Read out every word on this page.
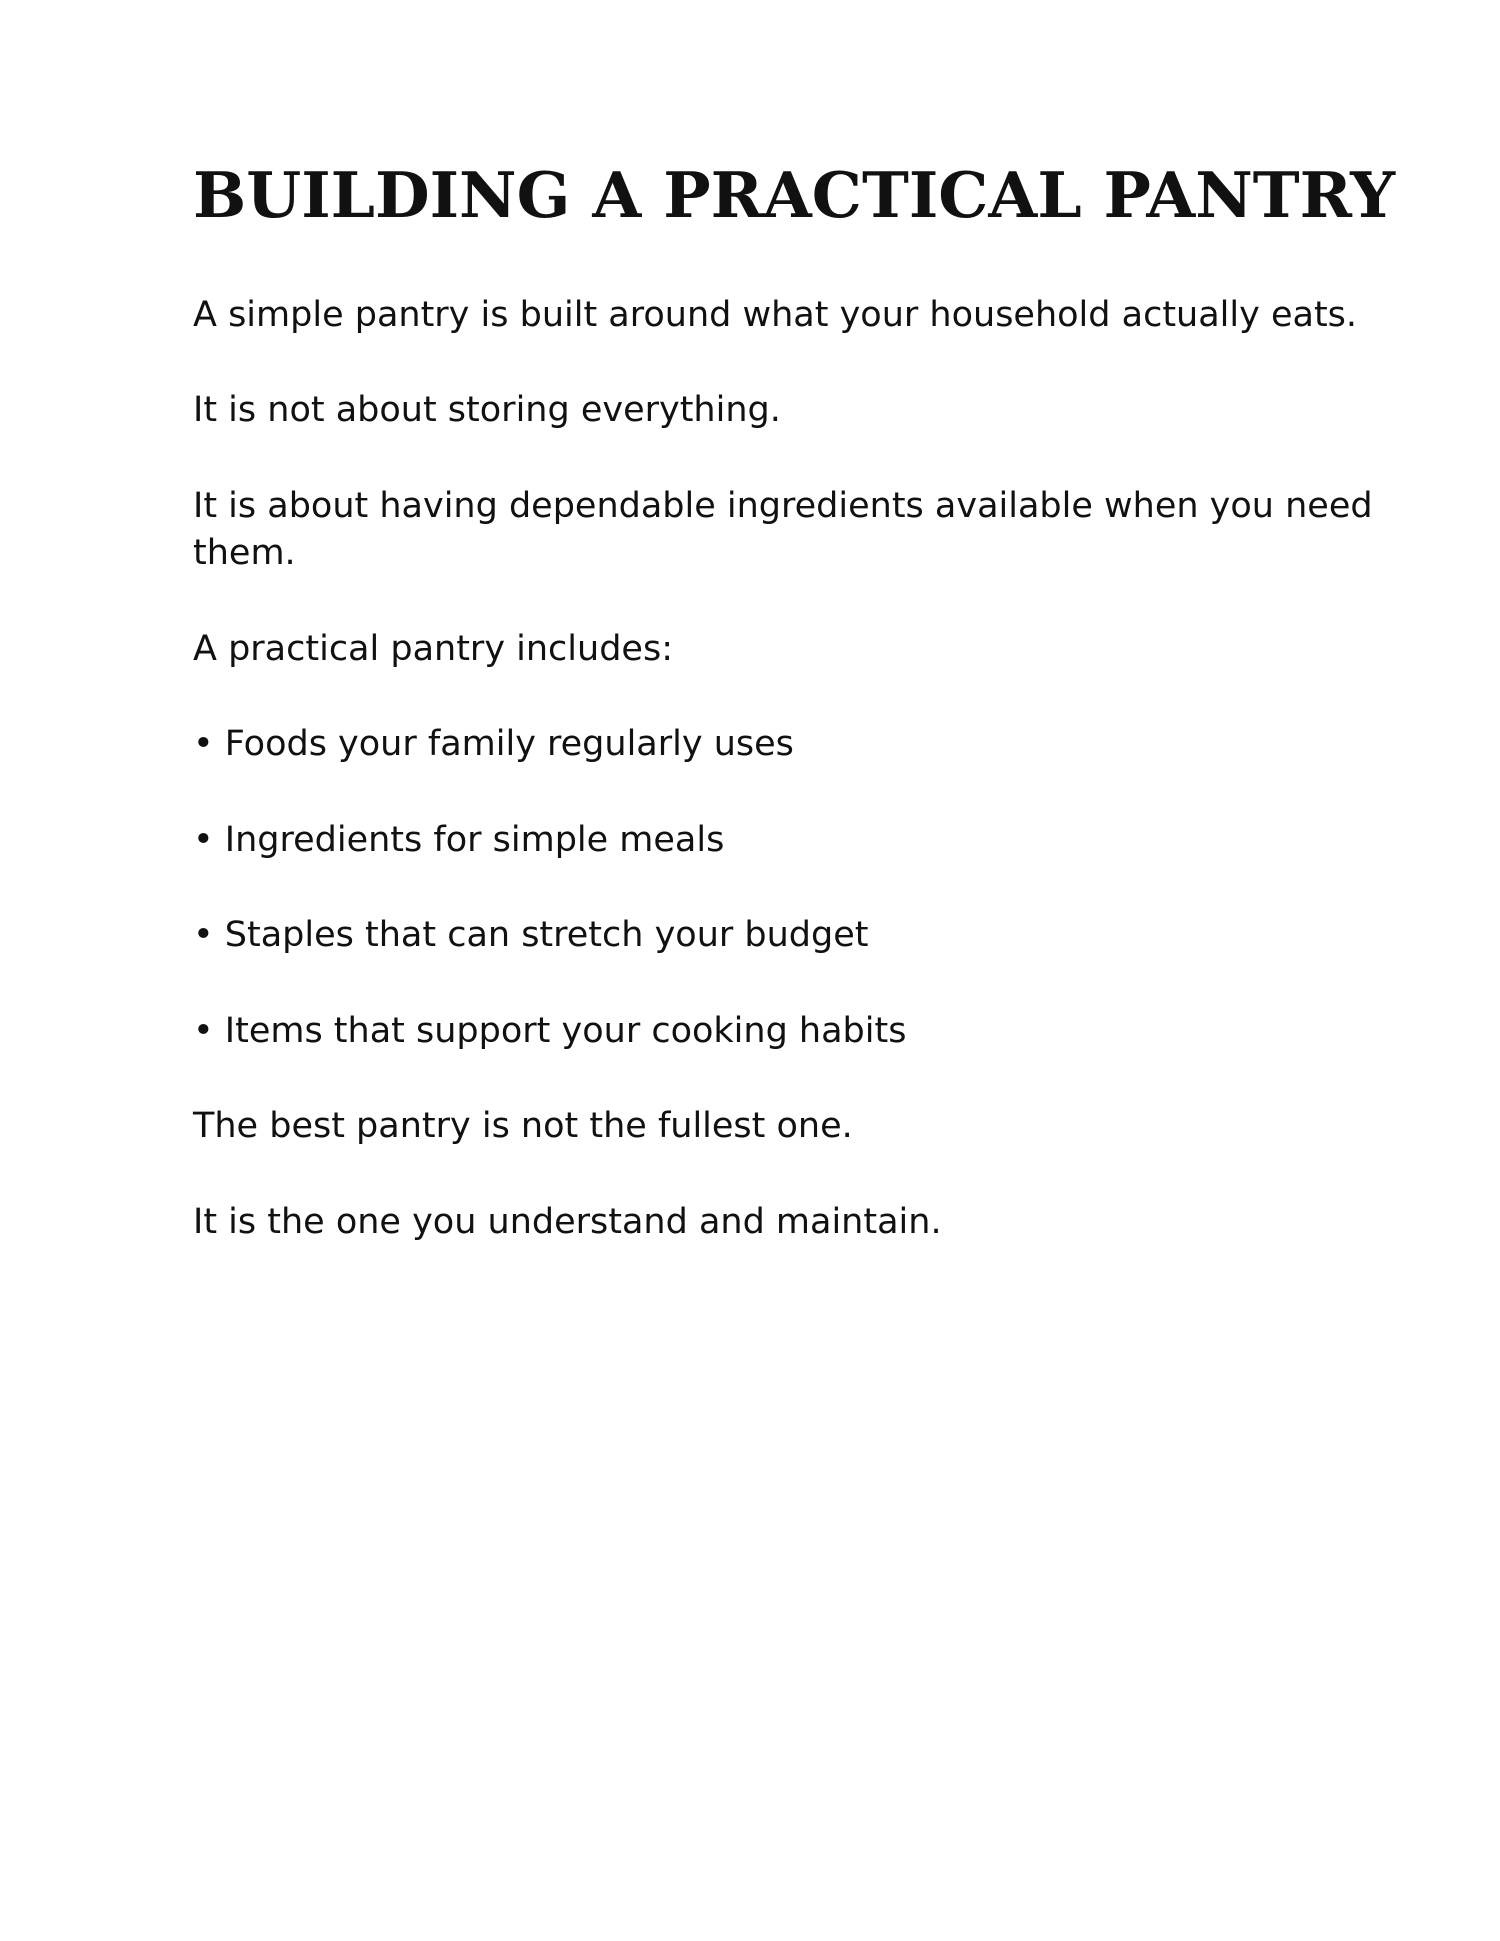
BUILDING A PRACTICAL PANTRY

A simple pantry is built around what your household actually eats.

It is not about storing everything.

It is about having dependable ingredients available when you need

them.

A practical pantry includes:

• Foods your family regularly uses

• Ingredients for simple meals

• Staples that can stretch your budget

• Items that support your cooking habits

The best pantry is not the fullest one.

It is the one you understand and maintain.
